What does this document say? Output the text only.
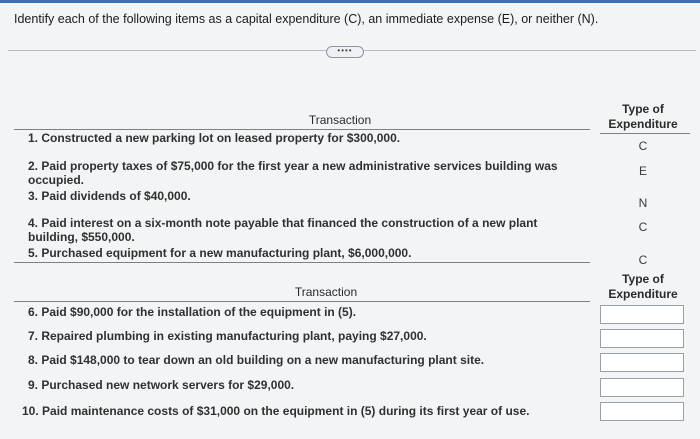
Identify each of the following items as a capital expenditure (C), an immediate expense (E), or neither (N).
••••
Transaction
Type of
Expenditure
1. Constructed a new parking lot on leased property for $300,000.
2. Paid property taxes of $75,000 for the first year a new administrative services building was occupied.
3. Paid dividends of $40,000.
4. Paid interest on a six-month note payable that financed the construction of a new plant building, $550,000.
5. Purchased equipment for a new manufacturing plant, $6,000,000.
C
E
N
C
C
Transaction
Type of
Expenditure
6. Paid $90,000 for the installation of the equipment in (5).
7. Repaired plumbing in existing manufacturing plant, paying $27,000.
8. Paid $148,000 to tear down an old building on a new manufacturing plant site.
9. Purchased new network servers for $29,000.
10. Paid maintenance costs of $31,000 on the equipment in (5) during its first year of use.
